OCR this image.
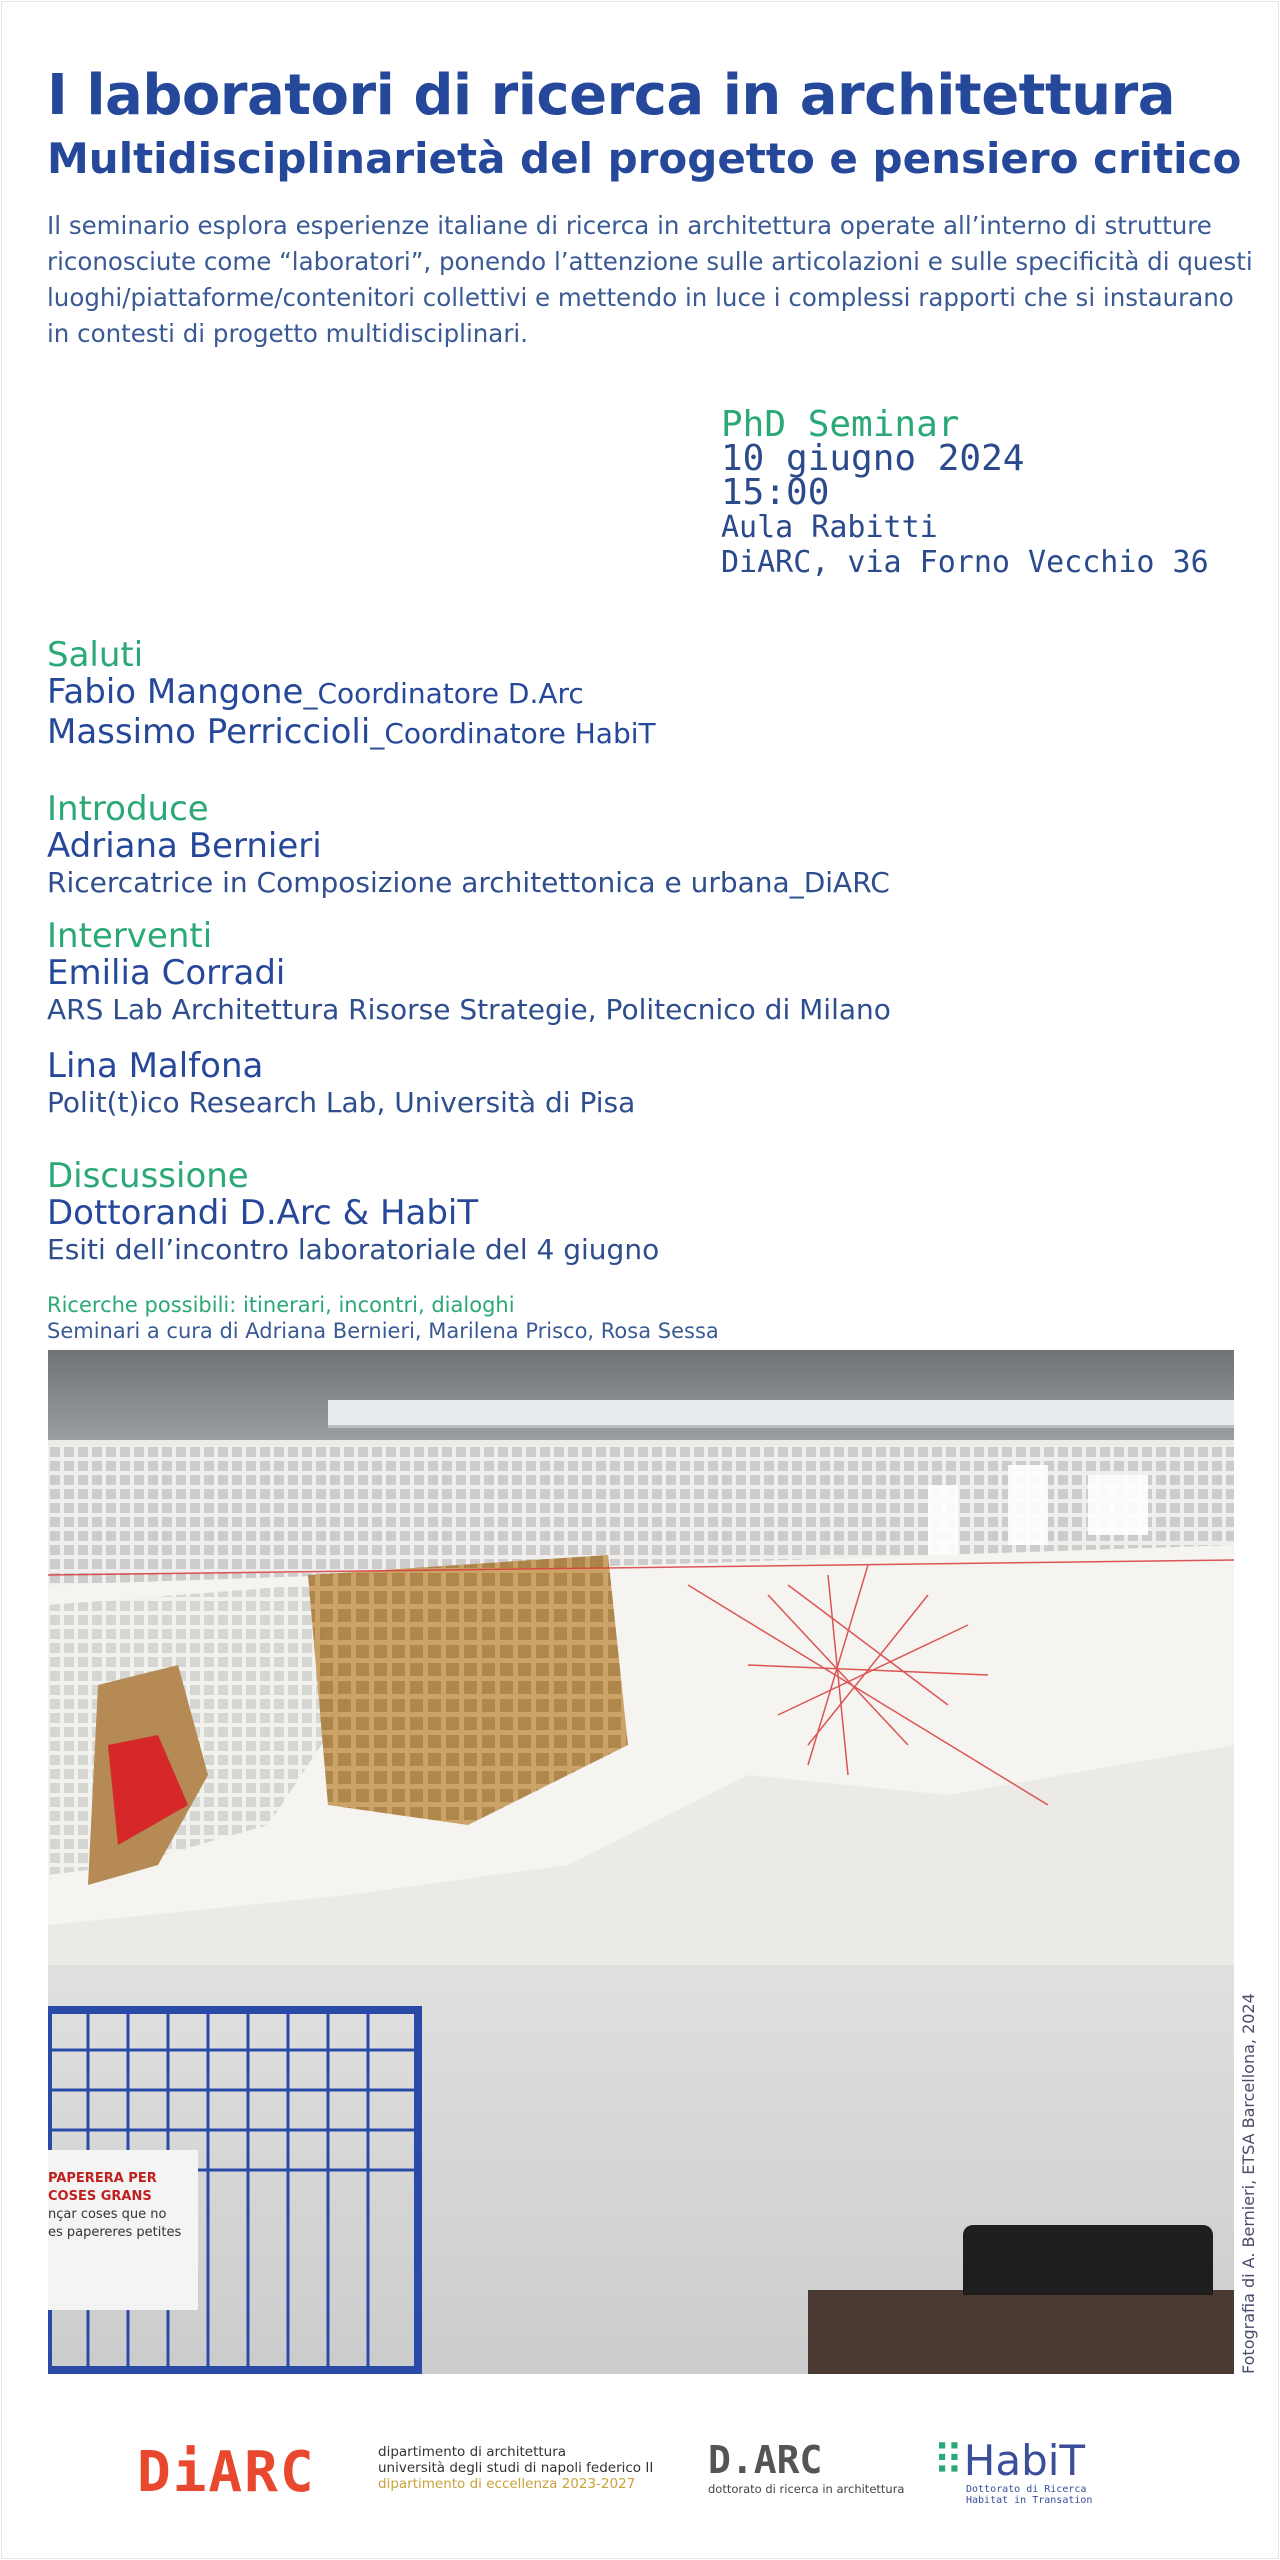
I laboratori di ricerca in architettura
Multidisciplinarietà del progetto e pensiero critico

Il seminario esplora esperienze italiane di ricerca in architettura operate all’interno di strutture

riconosciute come “laboratori”, ponendo l’attenzione sulle articolazioni e sulle specificità di questi

luoghi/piattaforme/contenitori collettivi e mettendo in luce i complessi rapporti che si instaurano

in contesti di progetto multidisciplinari.

PhD Seminar
10 giugno 2024
15:00
Aula Rabitti
DiARC, via Forno Vecchio 36
Saluti
Fabio Mangone_Coordinatore D.Arc
Massimo Perriccioli_Coordinatore HabiT
Introduce
Adriana Bernieri
Ricercatrice in Composizione architettonica e urbana_DiARC
Interventi
Emilia Corradi
ARS Lab Architettura Risorse Strategie, Politecnico di Milano
Lina Malfona
Polit(t)ico Research Lab, Università di Pisa
Discussione
Dottorandi D.Arc & HabiT
Esiti dell’incontro laboratoriale del 4 giugno
Ricerche possibili: itinerari, incontri, dialoghi
Seminari a cura di Adriana Bernieri, Marilena Prisco, Rosa Sessa
PAPERERA PER
COSES GRANS
nçar coses que no
es papereres petites	Fotografia di A. Bernieri, ETSA Barcellona, 2024
DiARC	dipartimento di architettura
università degli studi di napoli federico II
dipartimento di eccellenza 2023-2027
D.ARC
dottorato di ricerca in architettura
⠿HabiT
Dottorato di Ricerca
Habitat in Transation
